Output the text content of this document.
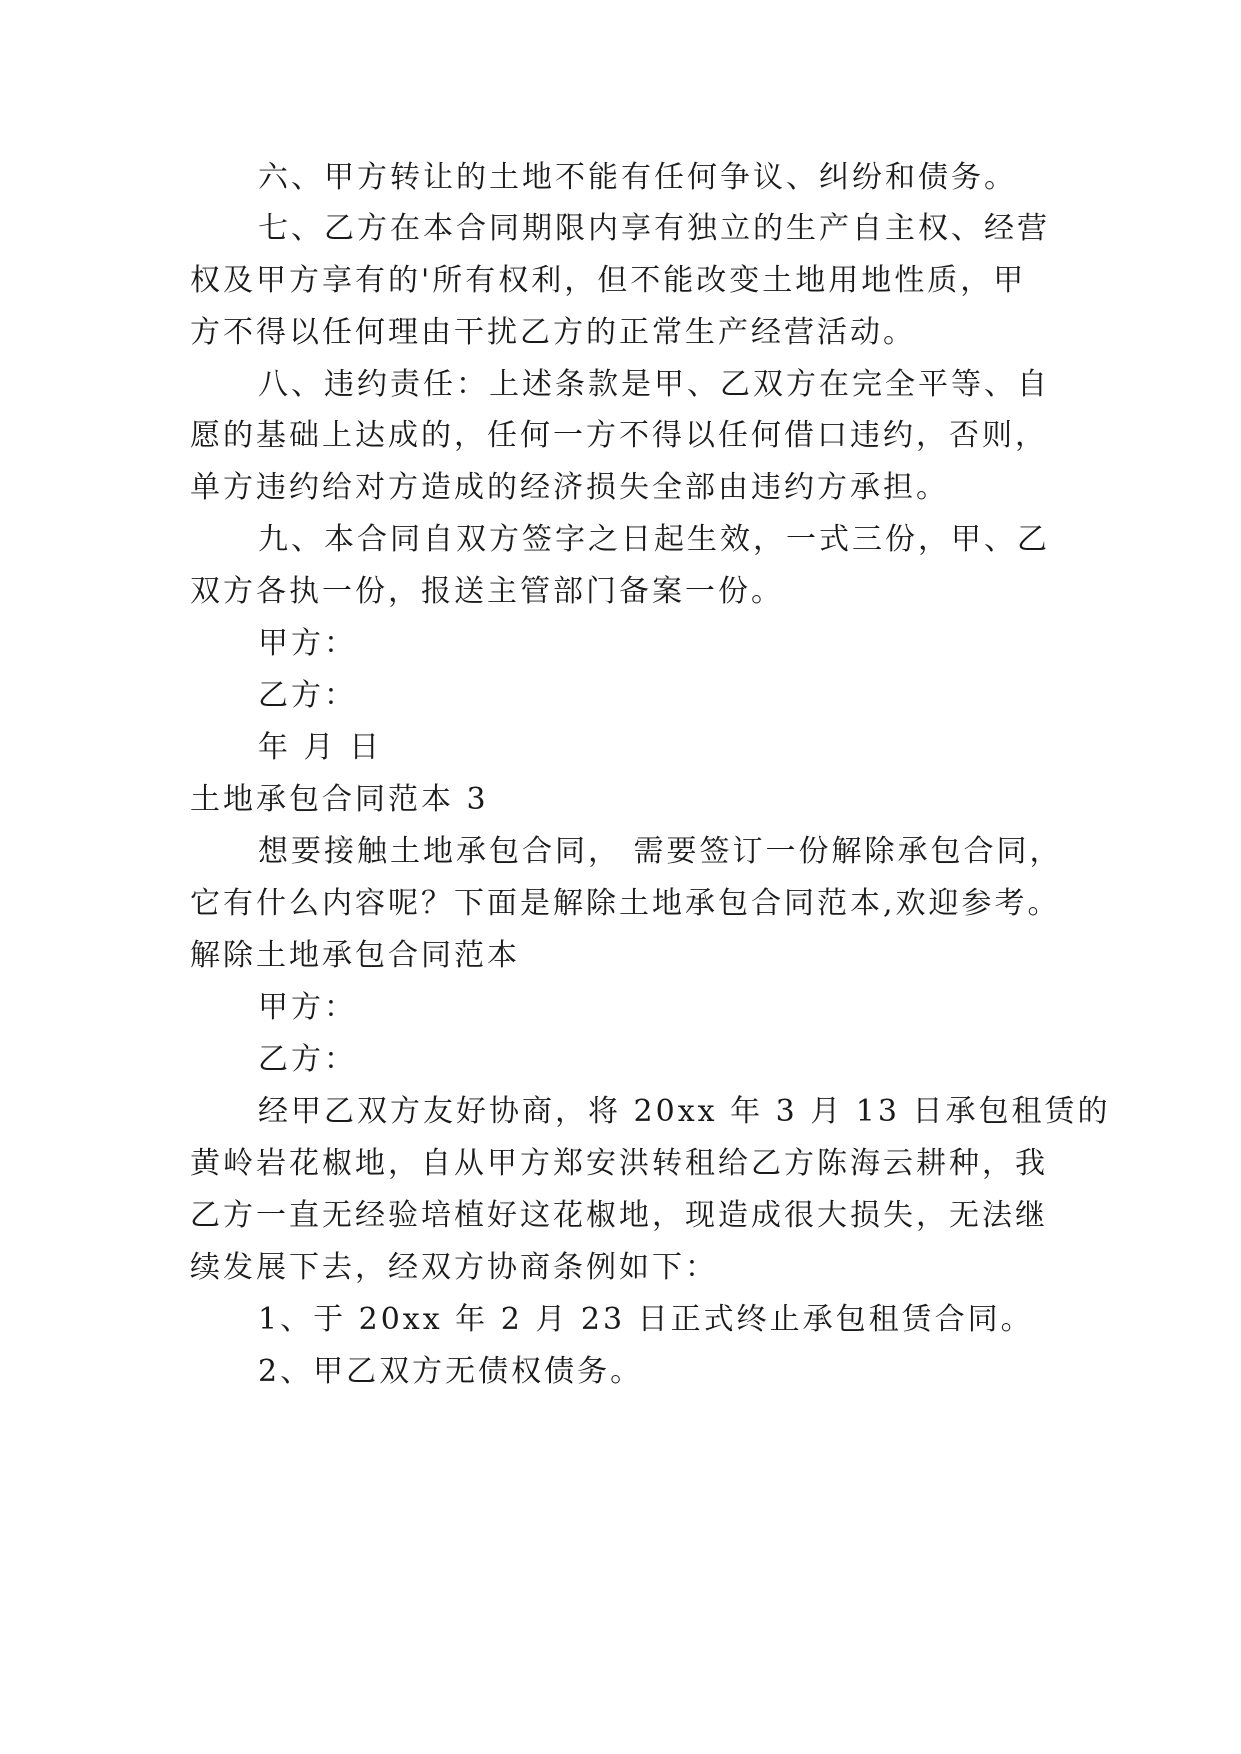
六、甲方转让的土地不能有任何争议、纠纷和债务。
七、乙方在本合同期限内享有独立的生产自主权、经营
权及甲方享有的'所有权利，但不能改变土地用地性质，甲
方不得以任何理由干扰乙方的正常生产经营活动。
八、违约责任：上述条款是甲、乙双方在完全平等、自
愿的基础上达成的，任何一方不得以任何借口违约，否则，
单方违约给对方造成的经济损失全部由违约方承担。
九、本合同自双方签字之日起生效，一式三份，甲、乙
双方各执一份，报送主管部门备案一份。
甲方：
乙方：
年 月 日
土地承包合同范本 3
想要接触土地承包合同， 需要签订一份解除承包合同，
它有什么内容呢？下面是解除土地承包合同范本,欢迎参考。
解除土地承包合同范本
甲方：
乙方：
经甲乙双方友好协商，将 20xx 年 3 月 13 日承包租赁的
黄岭岩花椒地，自从甲方郑安洪转租给乙方陈海云耕种，我
乙方一直无经验培植好这花椒地，现造成很大损失，无法继
续发展下去，经双方协商条例如下：
1、于 20xx 年 2 月 23 日正式终止承包租赁合同。
2、甲乙双方无债权债务。
